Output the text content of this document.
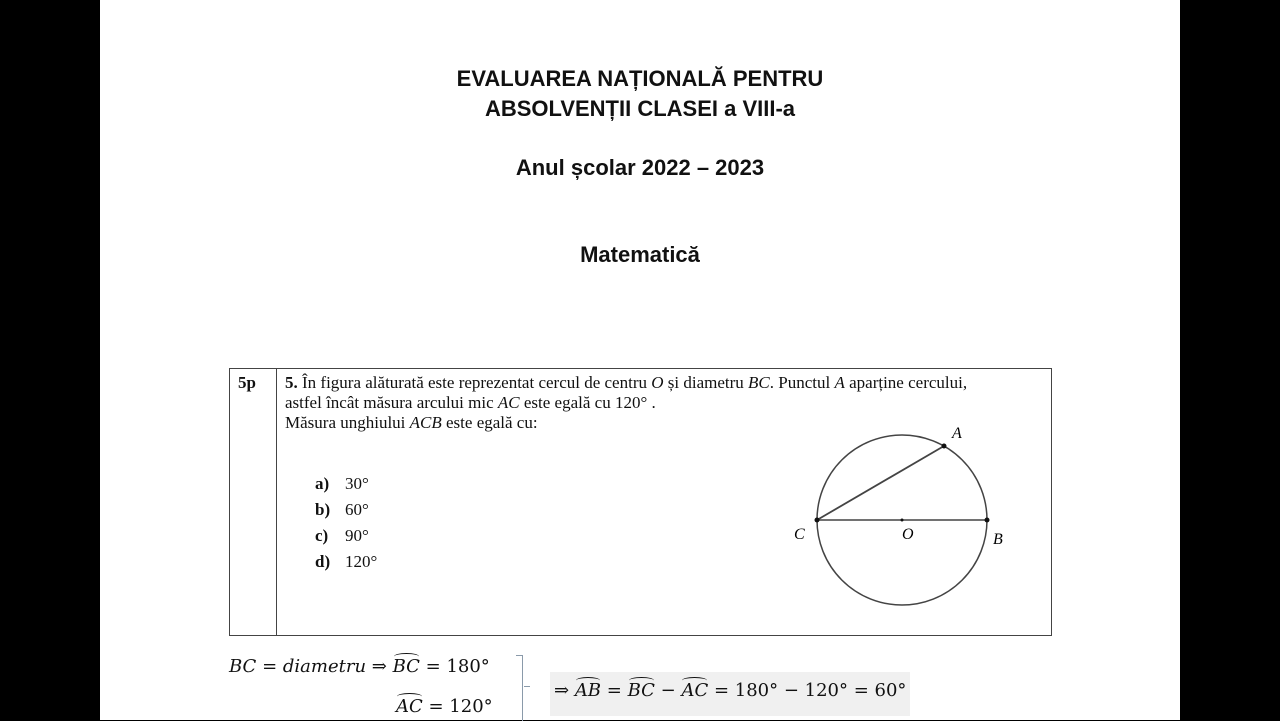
EVALUAREA NAȚIONALĂ PENTRU
ABSOLVENȚII CLASEI a VIII-a
Anul școlar 2022 – 2023
Matematică
5p	5. În figura alăturată este reprezentat cercul de centru O și diametru BC. Punctul A aparține cercului,
astfel încât măsura arcului mic AC este egală cu 120° .
Măsura unghiului ACB este egală cu:
a) 30°
b) 60°
c) 90°
d) 120°
A
B
C	O
BC = diametru ⇒ BC = 180°
AC = 120°
⇒ AB = BC − AC = 180° − 120° = 60°
